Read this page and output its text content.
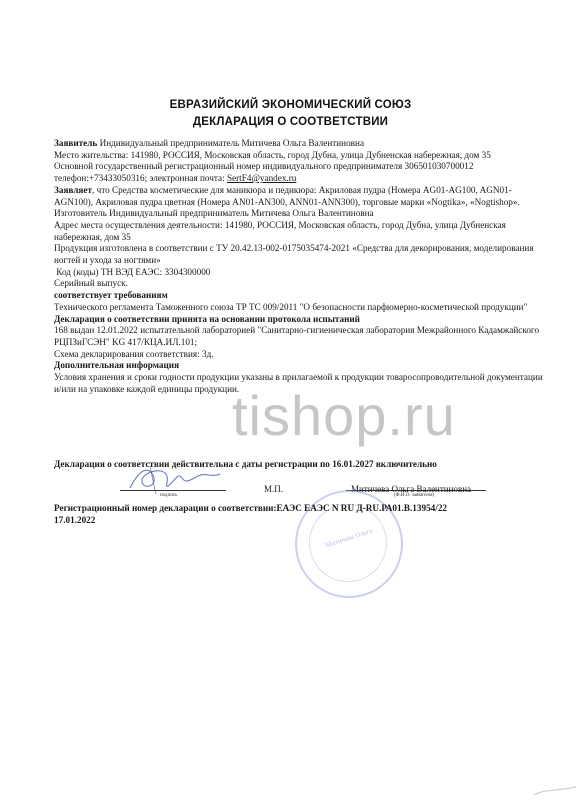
ЕВРАЗИЙСКИЙ ЭКОНОМИЧЕСКИЙ СОЮЗ
ДЕКЛАРАЦИЯ О СООТВЕТСТВИИ

Заявитель Индивидуальный предприниматель Митичева Ольга Валентиновна

Место жительства: 141980, РОССИЯ, Московская область, город Дубна, улица Дубненская набережная, дом 35

Основной государственный регистрационный номер индивидуального предпринимателя 306501030700012

телефон:+73433050316; электронная почта: SertF4@yandex.ru

Заявляет, что Средства косметические для маникюра и педикюра: Акриловая пудра (Номера AG01-AG100, AGN01-AGN100), Акриловая пудра цветная (Номера AN01-AN300, ANN01-ANN300), торговые марки «Nogtika», «Nogtishop».

Изготовитель Индивидуальный предприниматель Митичева Ольга Валентиновна

Адрес места осуществления деятельности: 141980, РОССИЯ, Московская область, город Дубна, улица Дубненская набережная, дом 35

Продукция изготовлена в соответствии с ТУ 20.42.13-002-0175035474-2021 «Средства для декорирования, моделирования ногтей и ухода за ногтями»

Код (коды) ТН ВЭД ЕАЭС: 3304300000

Серийный выпуск.

соответствует требованиям

Технического регламента Таможенного союза ТР ТС 009/2011 "О безопасности парфюмерно-косметической продукции"

Декларация о соответствии принята на основании протокола испытаний

168 выдан 12.01.2022 испытательной лабораторией "Санитарно-гигиеническая лаборатория Межрайонного Кадамжайского РЦПЗиГСЭН" KG 417/КЦА.ИЛ.101;

Схема декларирования соответствия: 3д.

Дополнительная информация

Условия хранения и сроки годности продукции указаны в прилагаемой к продукции товаросопроводительной документации и/или на упаковке каждой единицы продукции.

tishop.ru
Декларация о соответствии действительна с даты регистрации по 16.01.2027 включительно
подпись	(Ф.И.О. заявителя)
М.П.	Митичева Ольга Валентиновна
Митичева Ольга
Регистрационный номер декларации о соответствии:ЕАЭС ЕАЭС N RU Д-RU.РА01.В.13954/22
17.01.2022
